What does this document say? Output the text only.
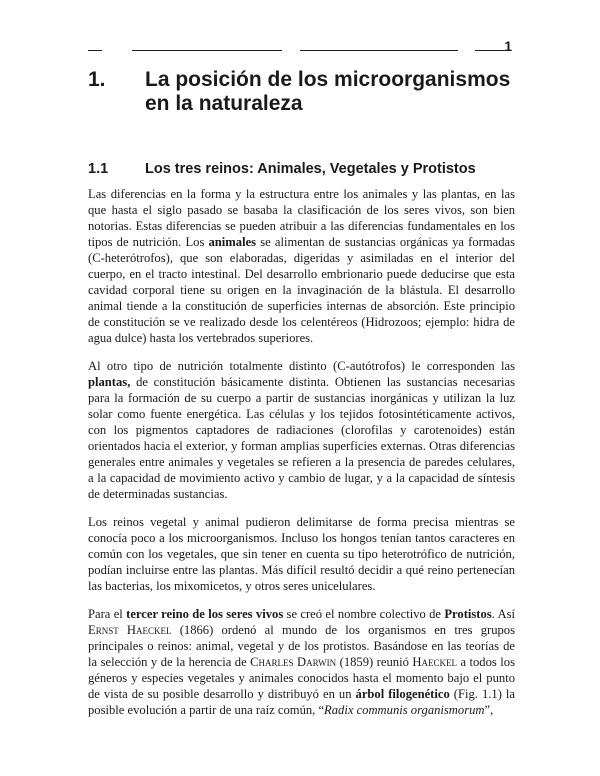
1
1. La posición de los microorganismos en la naturaleza
1.1	Los tres reinos: Animales, Vegetales y Protistos

Las diferencias en la forma y la estructura entre los animales y las plantas, en las que hasta el siglo pasado se basaba la clasificación de los seres vivos, son bien notorias. Estas diferencias se pueden atribuir a las diferencias fundamentales en los tipos de nutrición. Los animales se alimentan de sustancias orgánicas ya formadas (C-heterótrofos), que son elaboradas, digeridas y asimiladas en el interior del cuerpo, en el tracto intestinal. Del desarrollo embrionario puede deducirse que esta cavidad corporal tiene su origen en la invaginación de la blástula. El desarrollo animal tiende a la constitución de superficies internas de absorción. Este principio de constitución se ve realizado desde los celentéreos (Hidrozoos; ejemplo: hidra de agua dulce) hasta los vertebrados superiores.

Al otro tipo de nutrición totalmente distinto (C-autótrofos) le corresponden las plantas, de constitución básicamente distinta. Obtienen las sustancias necesarias para la formación de su cuerpo a partir de sustancias inorgánicas y utilizan la luz solar como fuente energética. Las células y los tejidos fotosintéticamente activos, con los pigmentos captadores de radiaciones (clorofilas y carotenoides) están orientados hacia el exterior, y forman amplias superficies externas. Otras diferencias generales entre animales y vegetales se refieren a la presencia de paredes celulares, a la capacidad de movimiento activo y cambio de lugar, y a la capacidad de síntesis de determinadas sustancias.

Los reinos vegetal y animal pudieron delimitarse de forma precisa mientras se conocía poco a los microorganismos. Incluso los hongos tenían tantos caracteres en común con los vegetales, que sin tener en cuenta su tipo heterotrófico de nutrición, podían incluirse entre las plantas. Más difícil resultó decidir a qué reino pertenecían las bacterias, los mixomicetos, y otros seres unicelulares.

Para el tercer reino de los seres vivos se creó el nombre colectivo de Protistos. Así Ernst Haeckel (1866) ordenó al mundo de los organismos en tres grupos principales o reinos: animal, vegetal y de los protistos. Basándose en las teorías de la selección y de la herencia de Charles Darwin (1859) reunió Haeckel a todos los géneros y especies vegetales y animales conocidos hasta el momento bajo el punto de vista de su posible desarrollo y distribuyó en un árbol filogenético (Fig. 1.1) la posible evolución a partir de una raíz común, “Radix communis organismorum”,
